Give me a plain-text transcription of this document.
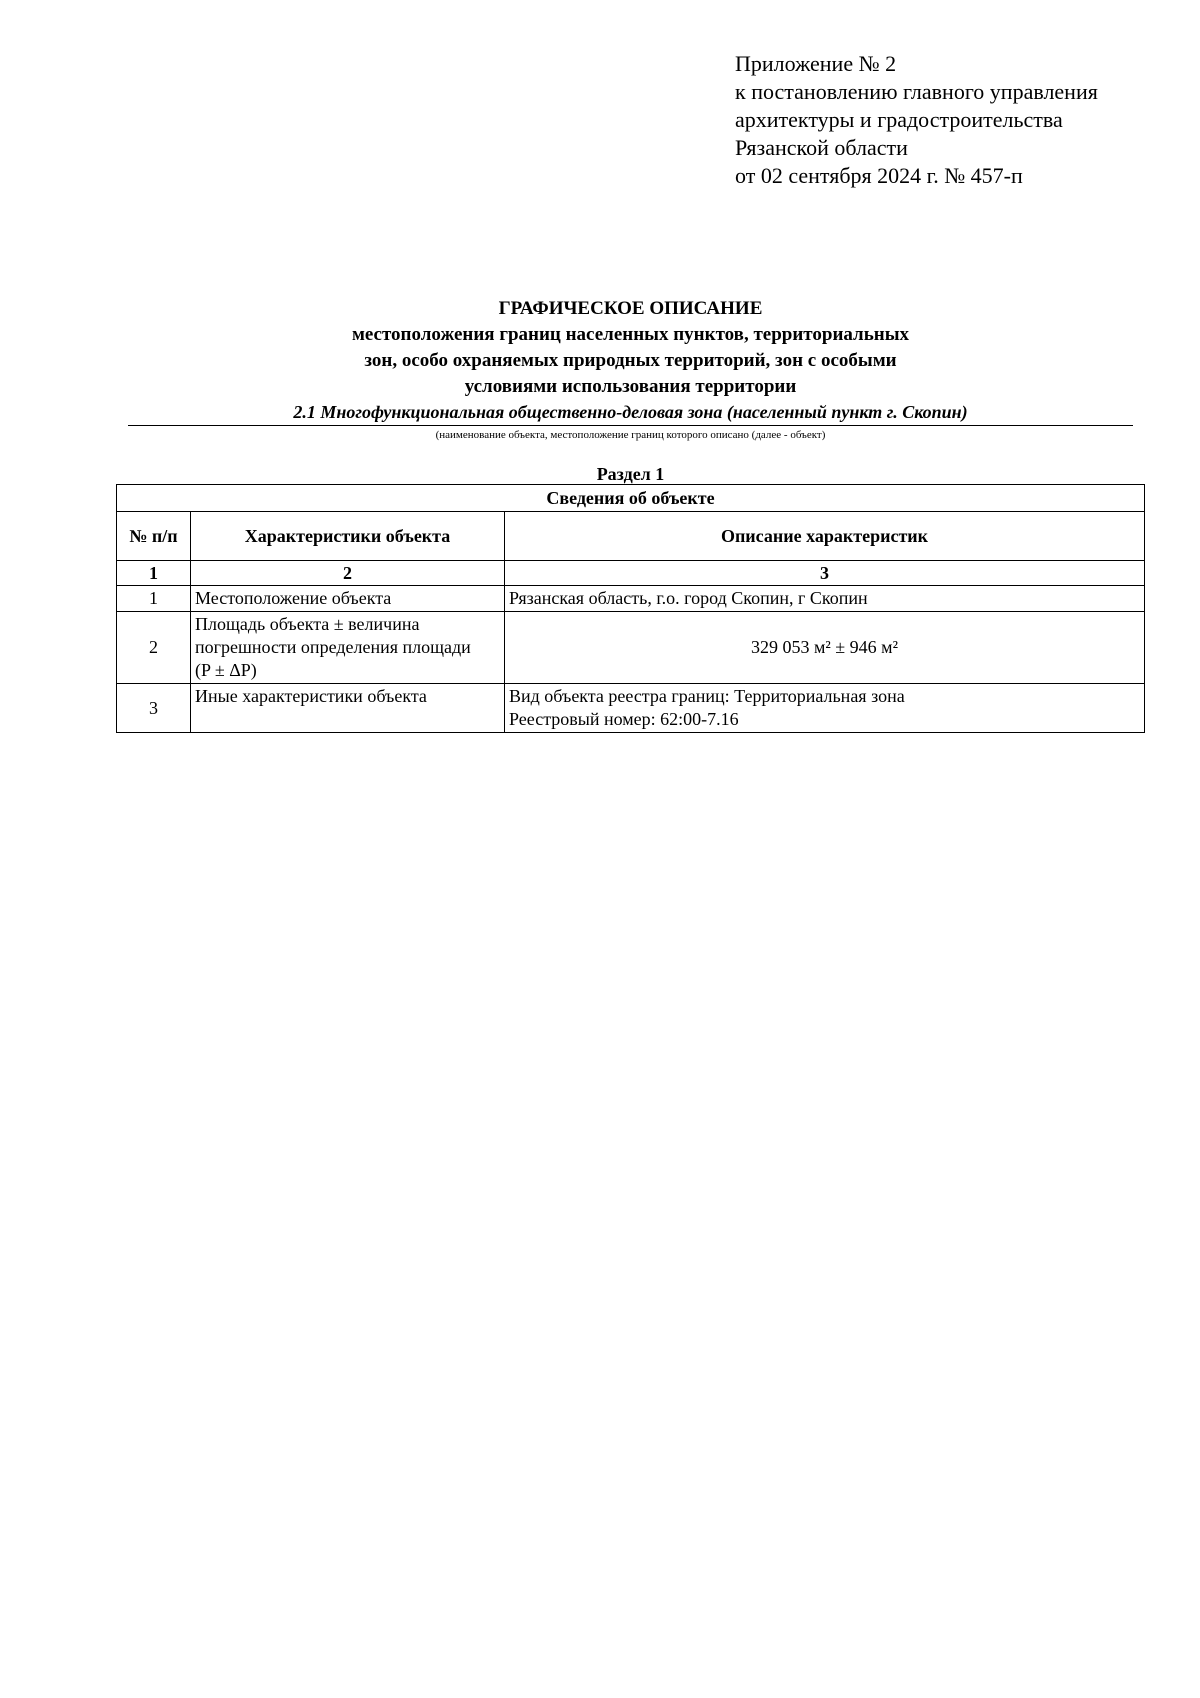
Приложение № 2
к постановлению главного управления
архитектуры и градостроительства
Рязанской области
от 02 сентября 2024 г. № 457-п
ГРАФИЧЕСКОЕ ОПИСАНИЕ
местоположения границ населенных пунктов, территориальных
зон, особо охраняемых природных территорий, зон с особыми
условиями использования территории
2.1 Многофункциональная общественно-деловая зона (населенный пункт г. Скопин)
(наименование объекта, местоположение границ которого описано (далее - объект)
Раздел 1
Сведения об объекте		
№ п/п	Характеристики объекта	Описание характеристик
1	2	3
1	Местоположение объекта	Рязанская область, г.о. город Скопин, г Скопин

2	Площадь объекта ± величина
погрешности определения площади
(P ± ΔP)	329 053 м² ± 946 м²

3	Иные характеристики объекта	Вид объекта реестра границ: Территориальная зона
Реестровый номер: 62:00-7.16
